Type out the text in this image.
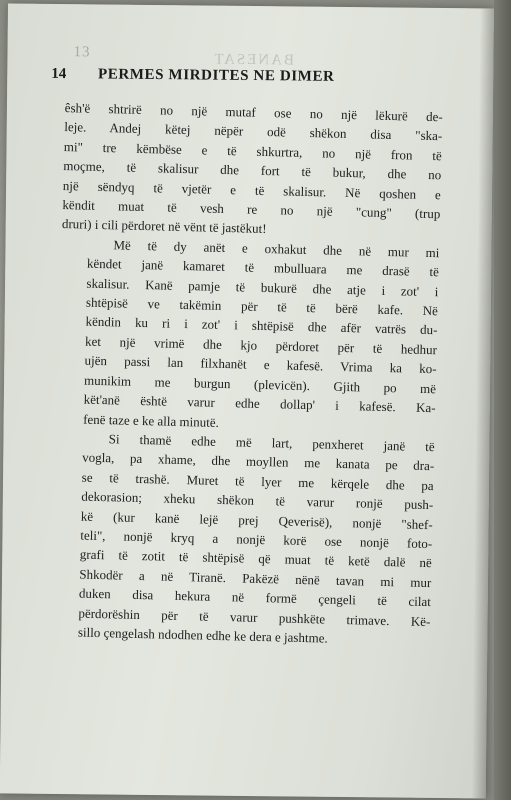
13	BANESAT
14 PERMES MIRDITES NE DIMER

êsh'ë shtrirë no një mutaf ose no një lëkurë de-
leje. Andej këtej nëpër odë shëkon disa "ska-
mi" tre këmbëse e të shkurtra, no një fron të
moçme, të skalisur dhe fort të bukur, dhe no
një sëndyq të vjetër e të skalisur. Në qoshen e
këndit muat të vesh re no një "cung" (trup
druri) i cili përdoret në vënt të jastëkut!

Më të dy anët e oxhakut dhe në mur mi
këndet janë kamaret të mbulluara me drasë të
skalisur. Kanë pamje të bukurë dhe atje i zot' i
shtëpisë ve takëmin për të të bërë kafe. Në
këndin ku ri i zot' i shtëpisë dhe afër vatrës du-
ket një vrimë dhe kjo përdoret për të hedhur
ujën passi lan filxhanët e kafesë. Vrima ka ko-
munikim me burgun (plevicën). Gjith po më
kët'anë është varur edhe dollap' i kafesë. Ka-
fenë taze e ke alla minutë.

Si thamë edhe më lart, penxheret janë të
vogla, pa xhame, dhe moyllen me kanata pe dra-
se të trashë. Muret të lyer me kërqele dhe pa
dekorasion; xheku shëkon të varur ronjë push-
kë (kur kanë lejë prej Qeverisë), nonjë "shef-
teli", nonjë kryq a nonjë korë ose nonjë foto-
grafi të zotit të shtëpisë që muat të ketë dalë në
Shkodër a në Tiranë. Pakëzë nënë tavan mi mur
duken disa hekura në formë çengeli të cilat
përdorëshin për të varur pushkëte trimave. Kë-
sillo çengelash ndodhen edhe ke dera e jashtme.
